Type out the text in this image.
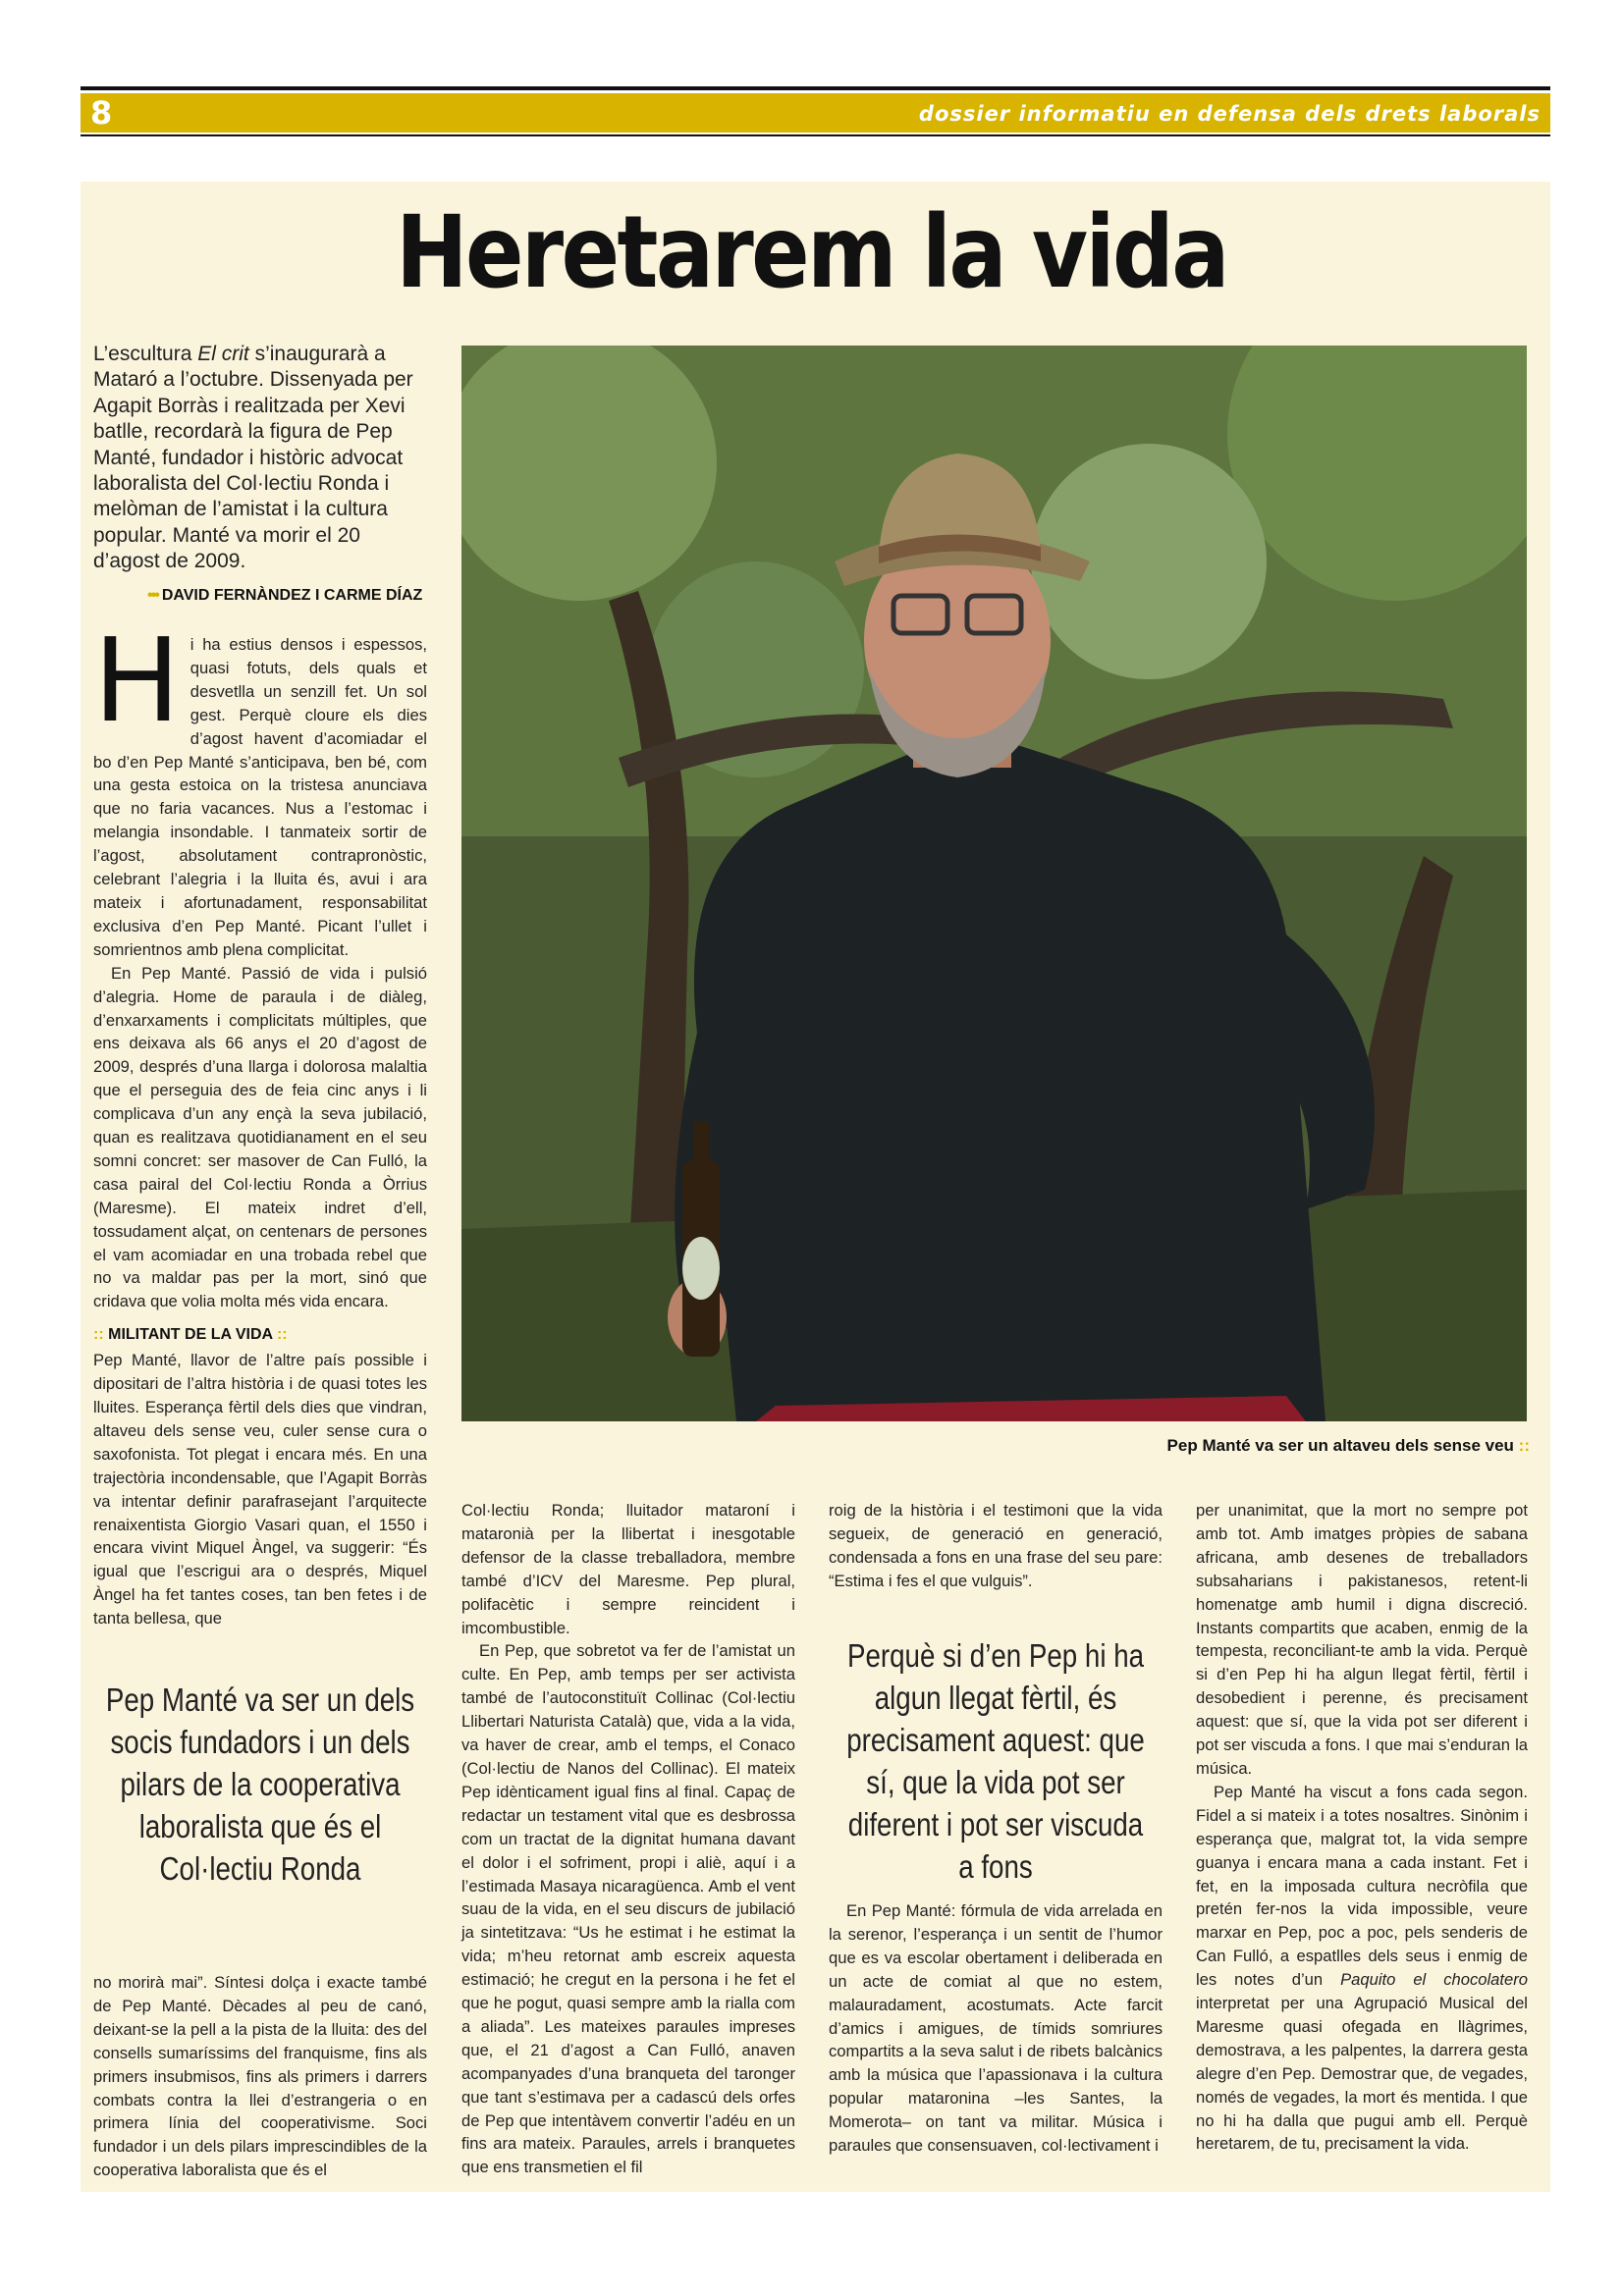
8	dossier informatiu en defensa dels drets laborals
Heretarem la vida

L’escultura El crit s’inaugurarà a Mataró a l’octubre. Dissenyada per Agapit Borràs i realitzada per Xevi batlle, recordarà la figura de Pep Manté, fundador i històric advocat laboralista del Col·lectiu Ronda i melòman de l’amistat i la cultura popular. Manté va morir el 20 d’agost de 2009.

••• DAVID FERNÀNDEZ I CARME DÍAZ
H i ha estius densos i espessos, quasi fotuts, dels quals et desvetlla un senzill fet. Un sol gest. Perquè cloure els dies d’agost havent d’acomiadar el bo d’en Pep Manté s’anticipava, ben bé, com una gesta estoica on la tristesa anunciava que no faria vacances. Nus a l’estomac i melangia insondable. I tanmateix sortir de l’agost, absolutament contrapronòstic, celebrant l’alegria i la lluita és, avui i ara mateix i afortunadament, responsabilitat exclusiva d’en Pep Manté. Picant l’ullet i somrientnos amb plena complicitat.

En Pep Manté. Passió de vida i pulsió d’alegria. Home de paraula i de diàleg, d’enxarxaments i complicitats múltiples, que ens deixava als 66 anys el 20 d’agost de 2009, després d’una llarga i dolorosa malaltia que el perseguia des de feia cinc anys i li complicava d’un any ençà la seva jubilació, quan es realitzava quotidianament en el seu somni concret: ser masover de Can Fulló, la casa pairal del Col·lectiu Ronda a Òrrius (Maresme). El mateix indret d’ell, tossudament alçat, on centenars de persones el vam acomiadar en una trobada rebel que no va maldar pas per la mort, sinó que cridava que volia molta més vida encara.

:: MILITANT DE LA VIDA ::

Pep Manté, llavor de l’altre país possible i dipositari de l’altra història i de quasi totes les lluites. Esperança fèrtil dels dies que vindran, altaveu dels sense veu, culer sense cura o saxofonista. Tot plegat i encara més. En una trajectòria incondensable, que l’Agapit Borràs va intentar definir parafrasejant l’arquitecte renaixentista Giorgio Vasari quan, el 1550 i encara vivint Miquel Àngel, va suggerir: “És igual que l’escrigui ara o després, Miquel Àngel ha fet tantes coses, tan ben fetes i de tanta bellesa, que

Pep Manté va ser un dels socis fundadors i un dels pilars de la cooperativa laboralista que és el Col·lectiu Ronda

no morirà mai”. Síntesi dolça i exacte també de Pep Manté. Dècades al peu de canó, deixant-se la pell a la pista de la lluita: des del consells sumaríssims del franquisme, fins als primers insubmisos, fins als primers i darrers combats contra la llei d’estrangeria o en primera línia del cooperativisme. Soci fundador i un dels pilars imprescindibles de la cooperativa laboralista que és el

Pep Manté va ser un altaveu dels sense veu ::

Col·lectiu Ronda; lluitador mataroní i mataronià per la llibertat i inesgotable defensor de la classe treballadora, membre també d’ICV del Maresme. Pep plural, polifacètic i sempre reincident i imcombustible.

En Pep, que sobretot va fer de l’amistat un culte. En Pep, amb temps per ser activista també de l’autoconstituït Collinac (Col·lectiu Llibertari Naturista Català) que, vida a la vida, va haver de crear, amb el temps, el Conaco (Col·lectiu de Nanos del Collinac). El mateix Pep idènticament igual fins al final. Capaç de redactar un testament vital que es desbrossa com un tractat de la dignitat humana davant el dolor i el sofriment, propi i aliè, aquí i a l’estimada Masaya nicaragüenca. Amb el vent suau de la vida, en el seu discurs de jubilació ja sintetitzava: “Us he estimat i he estimat la vida; m’heu retornat amb escreix aquesta estimació; he cregut en la persona i he fet el que he pogut, quasi sempre amb la rialla com a aliada”. Les mateixes paraules impreses que, el 21 d’agost a Can Fulló, anaven acompanyades d’una branqueta del taronger que tant s’estimava per a cadascú dels orfes de Pep que intentàvem convertir l’adéu en un fins ara mateix. Paraules, arrels i branquetes que ens transmetien el fil

roig de la història i el testimoni que la vida segueix, de generació en generació, condensada a fons en una frase del seu pare: “Estima i fes el que vulguis”.

Perquè si d’en Pep hi ha algun llegat fèrtil, és precisament aquest: que sí, que la vida pot ser diferent i pot ser viscuda a fons

En Pep Manté: fórmula de vida arrelada en la serenor, l’esperança i un sentit de l’humor que es va escolar obertament i deliberada en un acte de comiat al que no estem, malauradament, acostumats. Acte farcit d’amics i amigues, de tímids somriures compartits a la seva salut i de ribets balcànics amb la música que l’apassionava i la cultura popular mataronina –les Santes, la Momerota– on tant va militar. Música i paraules que consensuaven, col·lectivament i

per unanimitat, que la mort no sempre pot amb tot. Amb imatges pròpies de sabana africana, amb desenes de treballadors subsaharians i pakistanesos, retent-li homenatge amb humil i digna discreció. Instants compartits que acaben, enmig de la tempesta, reconciliant-te amb la vida. Perquè si d’en Pep hi ha algun llegat fèrtil, fèrtil i desobedient i perenne, és precisament aquest: que sí, que la vida pot ser diferent i pot ser viscuda a fons. I que mai s’enduran la música.

Pep Manté ha viscut a fons cada segon. Fidel a si mateix i a totes nosaltres. Sinònim i esperança que, malgrat tot, la vida sempre guanya i encara mana a cada instant. Fet i fet, en la imposada cultura necròfila que pretén fer-nos la vida impossible, veure marxar en Pep, poc a poc, pels senderis de Can Fulló, a espatlles dels seus i enmig de les notes d’un Paquito el chocolatero interpretat per una Agrupació Musical del Maresme quasi ofegada en llàgrimes, demostrava, a les palpentes, la darrera gesta alegre d’en Pep. Demostrar que, de vegades, només de vegades, la mort és mentida. I que no hi ha dalla que pugui amb ell. Perquè heretarem, de tu, precisament la vida.
